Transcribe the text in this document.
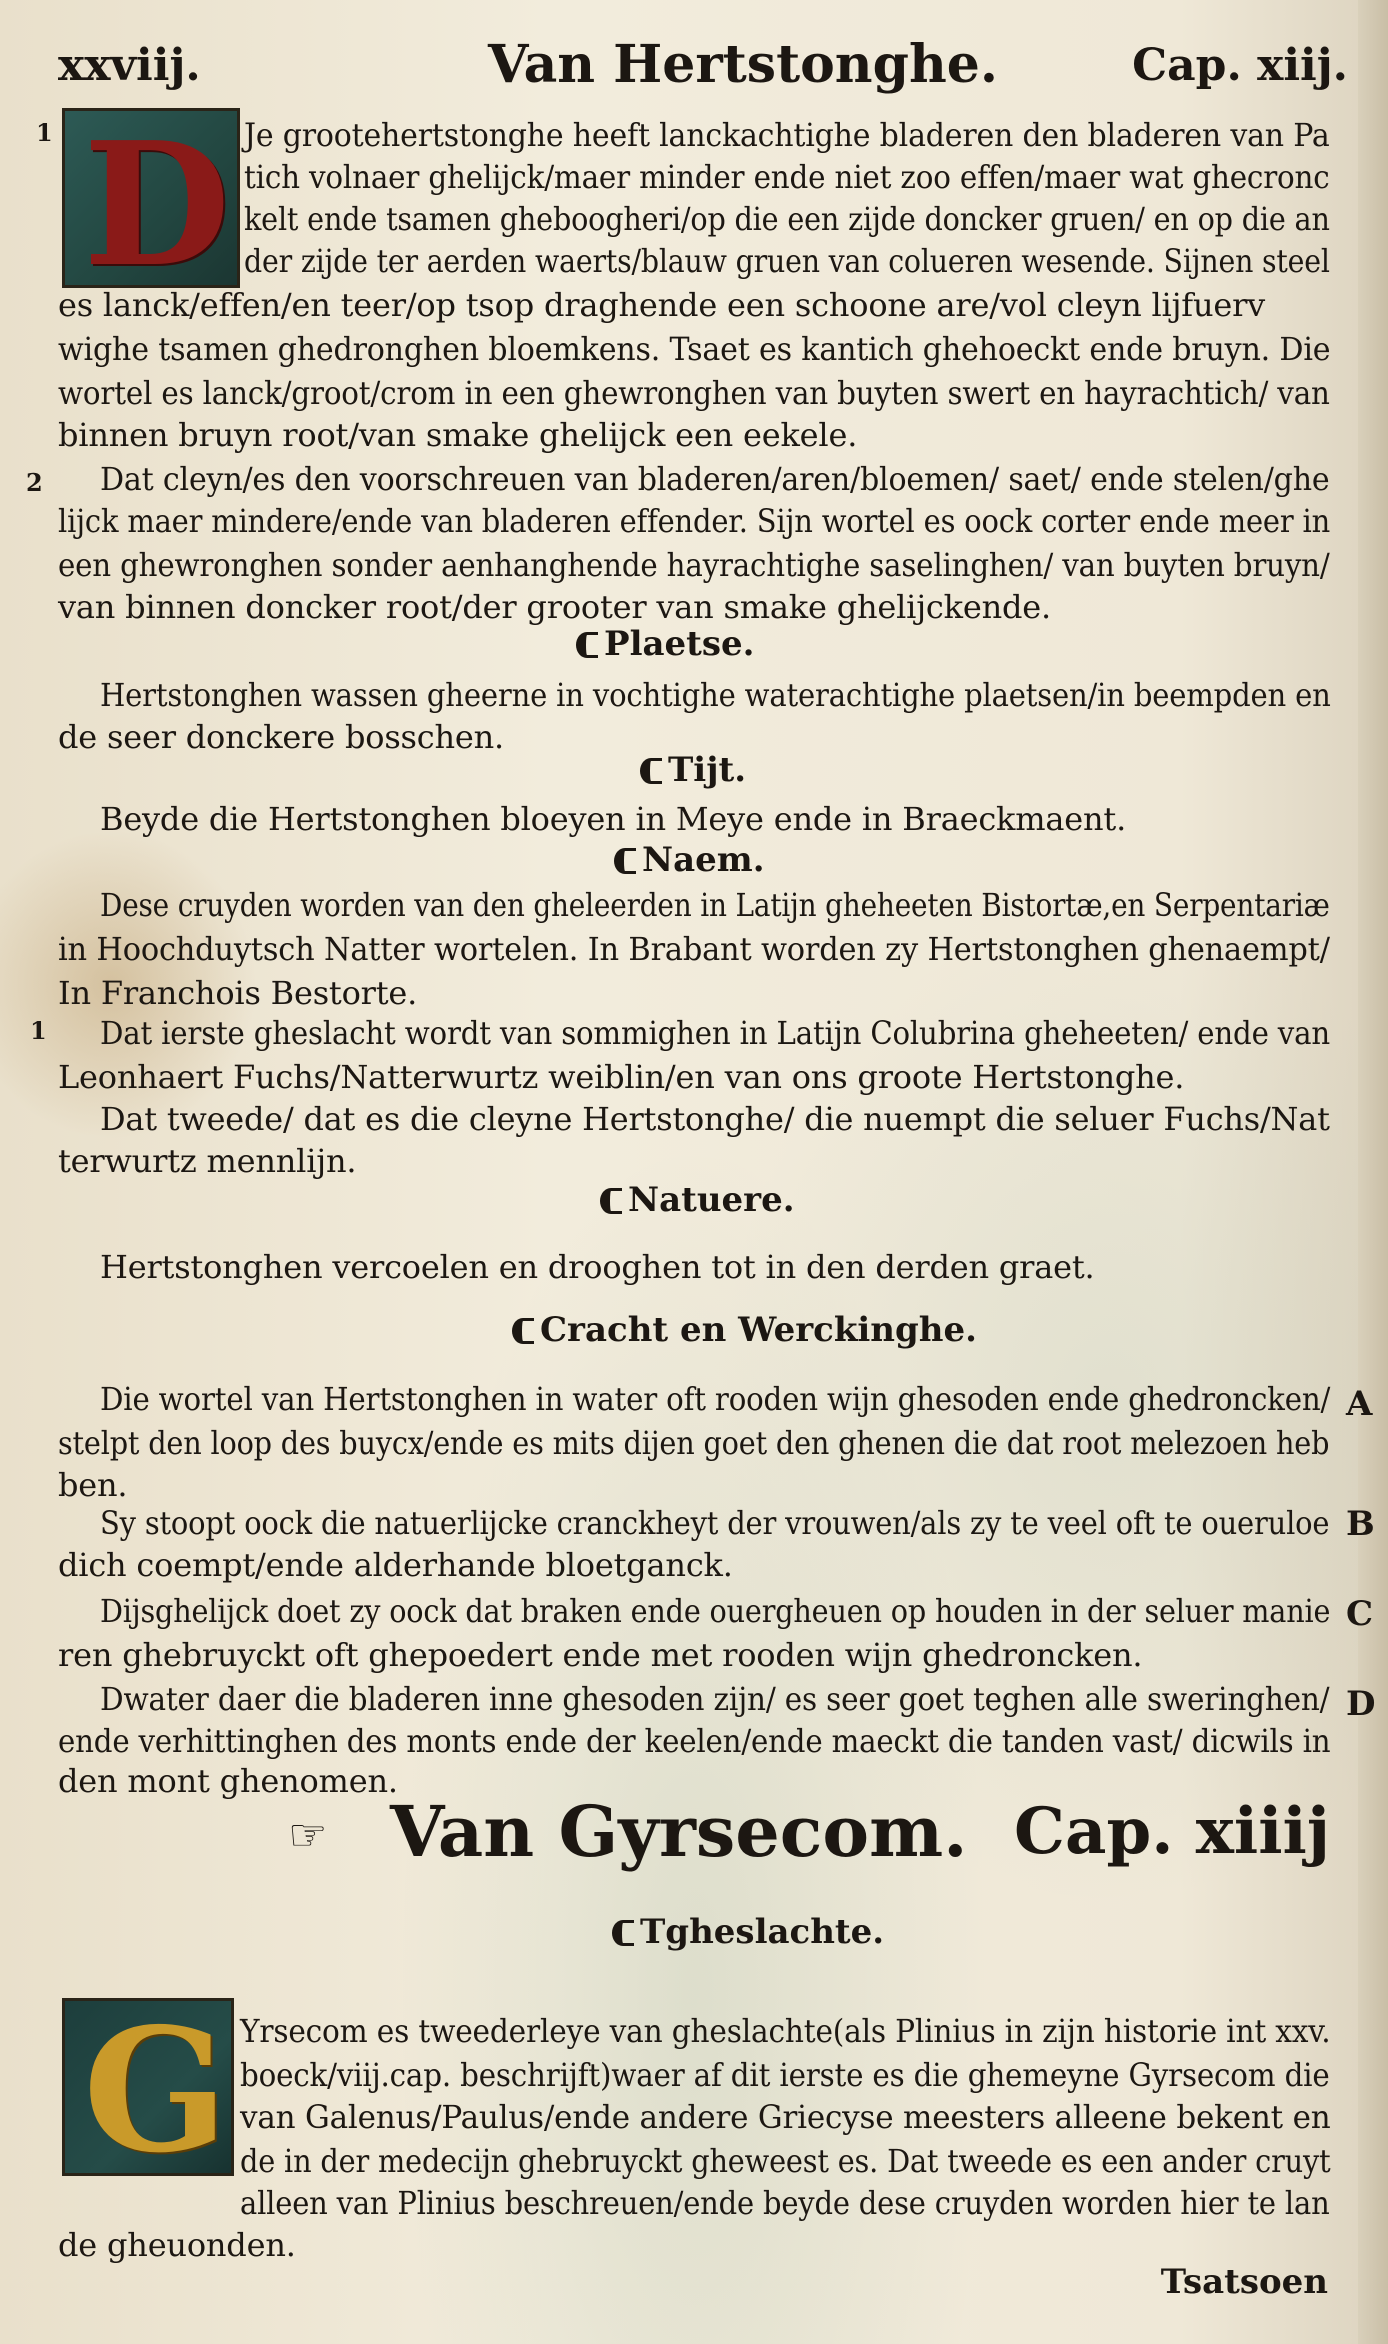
xxviij.	Van Hertstonghe.	Cap. xiij.
D
1	Je grootehertstonghe heeft lanckachtighe bladeren den bladeren van Pa
tich volnaer ghelijck/maer minder ende niet zoo effen/maer wat ghecronc
kelt ende tsamen gheboogheri/op die een zijde doncker gruen/ en op die an
der zijde ter aerden waerts/blauw gruen van colueren wesende. Sijnen steel
es lanck/effen/en teer/op tsop draghende een schoone are/vol cleyn lijfuerv
wighe tsamen ghedronghen bloemkens. Tsaet es kantich ghehoeckt ende bruyn. Die
wortel es lanck/groot/crom in een ghewronghen van buyten swert en hayrachtich/ van
binnen bruyn root/van smake ghelijck een eekele.
2 Dat cleyn/es den voorschreuen van bladeren/aren/bloemen/ saet/ ende stelen/ghe
lijck maer mindere/ende van bladeren effender. Sijn wortel es oock corter ende meer in
een ghewronghen sonder aenhanghende hayrachtighe saselinghen/ van buyten bruyn/
van binnen doncker root/der grooter van smake ghelijckende.
Plaetse.
Hertstonghen wassen gheerne in vochtighe waterachtighe plaetsen/in beempden en
de seer donckere bosschen.
Tijt.
Beyde die Hertstonghen bloeyen in Meye ende in Braeckmaent.
Naem.
Dese cruyden worden van den gheleerden in Latijn gheheeten Bistortæ,en Serpentariæ
in Hoochduytsch Natter wortelen. In Brabant worden zy Hertstonghen ghenaempt/
In Franchois Bestorte.
1 Dat ierste gheslacht wordt van sommighen in Latijn Colubrina gheheeten/ ende van
Leonhaert Fuchs/Natterwurtz weiblin/en van ons groote Hertstonghe.
Dat tweede/ dat es die cleyne Hertstonghe/ die nuempt die seluer Fuchs/Nat
terwurtz mennlijn.
Natuere.
Hertstonghen vercoelen en drooghen tot in den derden graet.
Cracht en Werckinghe.
Die wortel van Hertstonghen in water oft rooden wijn ghesoden ende ghedroncken/
stelpt den loop des buycx/ende es mits dijen goet den ghenen die dat root melezoen heb
ben.
Sy stoopt oock die natuerlijcke cranckheyt der vrouwen/als zy te veel oft te oueruloe
dich coempt/ende alderhande bloetganck.
Dijsghelijck doet zy oock dat braken ende ouergheuen op houden in der seluer manie
ren ghebruyckt oft ghepoedert ende met rooden wijn ghedroncken.
Dwater daer die bladeren inne ghesoden zijn/ es seer goet teghen alle sweringhen/
ende verhittinghen des monts ende der keelen/ende maeckt die tanden vast/ dicwils in
den mont ghenomen.
A
B
C
D
☞ Van Gyrsecom. Cap. xiiij
Tgheslachte.
G Yrsecom es tweederleye van gheslachte(als Plinius in zijn historie int xxv.
boeck/viij.cap. beschrijft)waer af dit ierste es die ghemeyne Gyrsecom die
van Galenus/Paulus/ende andere Griecyse meesters alleene bekent en
de in der medecijn ghebruyckt gheweest es. Dat tweede es een ander cruyt
alleen van Plinius beschreuen/ende beyde dese cruyden worden hier te lan
de gheuonden.
Tsatsoen
